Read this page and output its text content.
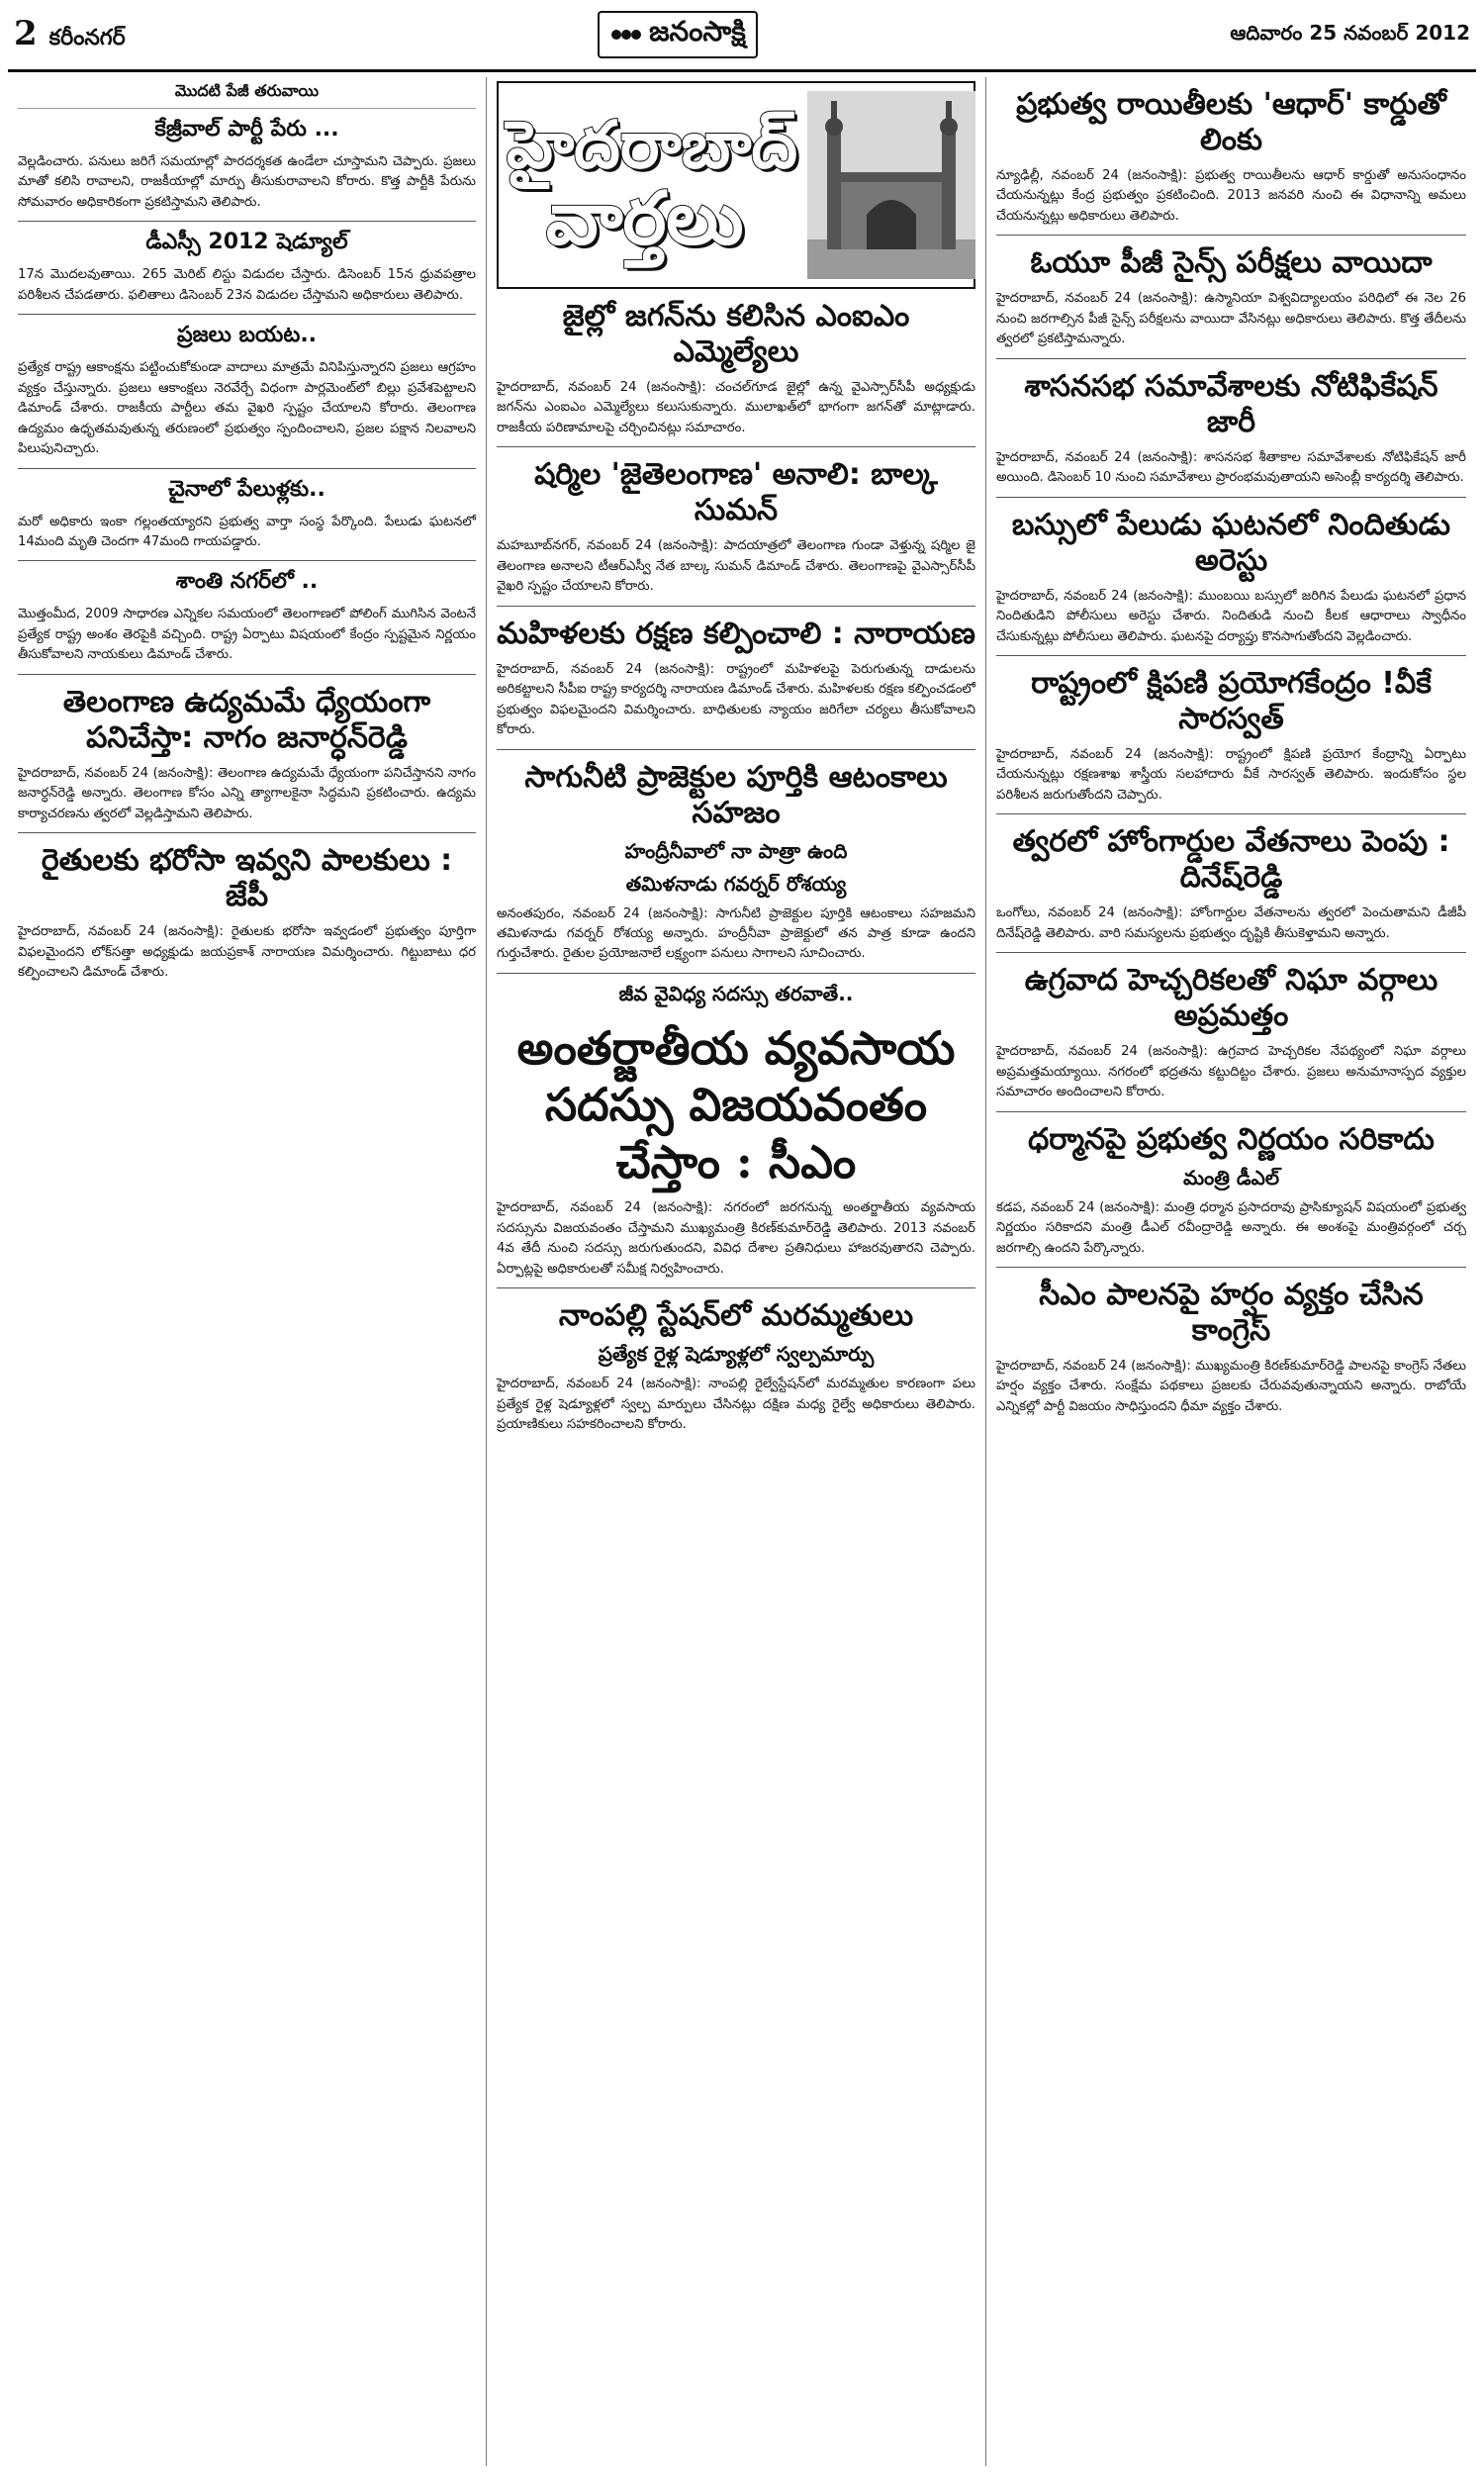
2 కరీంనగర్	జనంసాక్షి	ఆదివారం 25 నవంబర్ 2012
మొదటి పేజీ తరువాయి
కేజ్రీవాల్ పార్టీ పేరు ...

వెల్లడించారు. పనులు జరిగే సమయాల్లో పారదర్శకత ఉండేలా చూస్తామని చెప్పారు. ప్రజలు మాతో కలిసి రావాలని, రాజకీయాల్లో మార్పు తీసుకురావాలని కోరారు. కొత్త పార్టీకి పేరును సోమవారం అధికారికంగా ప్రకటిస్తామని తెలిపారు.

డీఎస్సీ 2012 షెడ్యూల్

17న మొదలవుతాయి. 265 మెరిట్ లిస్టు విడుదల చేస్తారు. డిసెంబర్ 15న ధ్రువపత్రాల పరిశీలన చేపడతారు. ఫలితాలు డిసెంబర్ 23న విడుదల చేస్తామని అధికారులు తెలిపారు.

ప్రజలు బయట..

ప్రత్యేక రాష్ట్ర ఆకాంక్షను పట్టించుకోకుండా వాదాలు మాత్రమే వినిపిస్తున్నారని ప్రజలు ఆగ్రహం వ్యక్తం చేస్తున్నారు. ప్రజలు ఆకాంక్షలు నెరవేర్చే విధంగా పార్లమెంట్‌లో బిల్లు ప్రవేశపెట్టాలని డిమాండ్ చేశారు. రాజకీయ పార్టీలు తమ వైఖరి స్పష్టం చేయాలని కోరారు. తెలంగాణ ఉద్యమం ఉధృతమవుతున్న తరుణంలో ప్రభుత్వం స్పందించాలని, ప్రజల పక్షాన నిలవాలని పిలుపునిచ్చారు.

చైనాలో పేలుళ్లకు..

మరో అధికారు ఇంకా గల్లంతయ్యారని ప్రభుత్వ వార్తా సంస్థ పేర్కొంది. పేలుడు ఘటనలో 14మంది మృతి చెందగా 47మంది గాయపడ్డారు.

శాంతి నగర్‌లో ..

మొత్తంమీద, 2009 సాధారణ ఎన్నికల సమయంలో తెలంగాణలో పోలింగ్ ముగిసిన వెంటనే ప్రత్యేక రాష్ట్ర అంశం తెరపైకి వచ్చింది. రాష్ట్ర ఏర్పాటు విషయంలో కేంద్రం స్పష్టమైన నిర్ణయం తీసుకోవాలని నాయకులు డిమాండ్ చేశారు.

తెలంగాణ ఉద్యమమే ధ్యేయంగా పనిచేస్తా: నాగం జనార్ధన్‌రెడ్డి

హైదరాబాద్, నవంబర్ 24 (జనంసాక్షి): తెలంగాణ ఉద్యమమే ధ్యేయంగా పనిచేస్తానని నాగం జనార్ధన్‌రెడ్డి అన్నారు. తెలంగాణ కోసం ఎన్ని త్యాగాలకైనా సిద్ధమని ప్రకటించారు. ఉద్యమ కార్యాచరణను త్వరలో వెల్లడిస్తామని తెలిపారు.

రైతులకు భరోసా ఇవ్వని పాలకులు : జేపీ

హైదరాబాద్, నవంబర్ 24 (జనంసాక్షి): రైతులకు భరోసా ఇవ్వడంలో ప్రభుత్వం పూర్తిగా విఫలమైందని లోక్‌సత్తా అధ్యక్షుడు జయప్రకాశ్ నారాయణ విమర్శించారు. గిట్టుబాటు ధర కల్పించాలని డిమాండ్ చేశారు.

హైదరాబాద్
వార్తలు
జైల్లో జగన్‌ను కలిసిన ఎంఐఎం ఎమ్మెల్యేలు

హైదరాబాద్, నవంబర్ 24 (జనంసాక్షి): చంచల్‌గూడ జైల్లో ఉన్న వైఎస్సార్‌సీపీ అధ్యక్షుడు జగన్‌ను ఎంఐఎం ఎమ్మెల్యేలు కలుసుకున్నారు. ములాఖత్‌లో భాగంగా జగన్‌తో మాట్లాడారు. రాజకీయ పరిణామాలపై చర్చించినట్లు సమాచారం.

షర్మిల 'జైతెలంగాణ' అనాలి: బాల్క సుమన్

మహబూబ్‌నగర్, నవంబర్ 24 (జనంసాక్షి): పాదయాత్రలో తెలంగాణ గుండా వెళ్తున్న షర్మిల జై తెలంగాణ అనాలని టీఆర్ఎస్వీ నేత బాల్క సుమన్ డిమాండ్ చేశారు. తెలంగాణపై వైఎస్సార్‌సీపీ వైఖరి స్పష్టం చేయాలని కోరారు.

మహిళలకు రక్షణ కల్పించాలి : నారాయణ

హైదరాబాద్, నవంబర్ 24 (జనంసాక్షి): రాష్ట్రంలో మహిళలపై పెరుగుతున్న దాడులను అరికట్టాలని సీపీఐ రాష్ట్ర కార్యదర్శి నారాయణ డిమాండ్ చేశారు. మహిళలకు రక్షణ కల్పించడంలో ప్రభుత్వం విఫలమైందని విమర్శించారు. బాధితులకు న్యాయం జరిగేలా చర్యలు తీసుకోవాలని కోరారు.

సాగునీటి ప్రాజెక్టుల పూర్తికి ఆటంకాలు సహజం
హంద్రీనీవాలో నా పాత్రా ఉంది
తమిళనాడు గవర్నర్ రోశయ్య

అనంతపురం, నవంబర్ 24 (జనంసాక్షి): సాగునీటి ప్రాజెక్టుల పూర్తికి ఆటంకాలు సహజమని తమిళనాడు గవర్నర్ రోశయ్య అన్నారు. హంద్రీనీవా ప్రాజెక్టులో తన పాత్ర కూడా ఉందని గుర్తుచేశారు. రైతుల ప్రయోజనాలే లక్ష్యంగా పనులు సాగాలని సూచించారు.

జీవ వైవిధ్య సదస్సు తరవాతే..
అంతర్జాతీయ వ్యవసాయ సదస్సు విజయవంతం చేస్తాం : సీఎం

హైదరాబాద్, నవంబర్ 24 (జనంసాక్షి): నగరంలో జరగనున్న అంతర్జాతీయ వ్యవసాయ సదస్సును విజయవంతం చేస్తామని ముఖ్యమంత్రి కిరణ్‌కుమార్‌రెడ్డి తెలిపారు. 2013 నవంబర్ 4వ తేదీ నుంచి సదస్సు జరుగుతుందని, వివిధ దేశాల ప్రతినిధులు హాజరవుతారని చెప్పారు. ఏర్పాట్లపై అధికారులతో సమీక్ష నిర్వహించారు.

నాంపల్లి స్టేషన్‌లో మరమ్మతులు
ప్రత్యేక రైళ్ల షెడ్యూళ్లలో స్వల్పమార్పు

హైదరాబాద్, నవంబర్ 24 (జనంసాక్షి): నాంపల్లి రైల్వేస్టేషన్‌లో మరమ్మతుల కారణంగా పలు ప్రత్యేక రైళ్ల షెడ్యూళ్లలో స్వల్ప మార్పులు చేసినట్లు దక్షిణ మధ్య రైల్వే అధికారులు తెలిపారు. ప్రయాణికులు సహకరించాలని కోరారు.

ప్రభుత్వ రాయితీలకు 'ఆధార్' కార్డుతో లింకు

న్యూఢిల్లీ, నవంబర్ 24 (జనంసాక్షి): ప్రభుత్వ రాయితీలను ఆధార్ కార్డుతో అనుసంధానం చేయనున్నట్లు కేంద్ర ప్రభుత్వం ప్రకటించింది. 2013 జనవరి నుంచి ఈ విధానాన్ని అమలు చేయనున్నట్లు అధికారులు తెలిపారు.

ఓయూ పీజీ సైన్స్ పరీక్షలు వాయిదా

హైదరాబాద్, నవంబర్ 24 (జనంసాక్షి): ఉస్మానియా విశ్వవిద్యాలయం పరిధిలో ఈ నెల 26 నుంచి జరగాల్సిన పీజీ సైన్స్ పరీక్షలను వాయిదా వేసినట్లు అధికారులు తెలిపారు. కొత్త తేదీలను త్వరలో ప్రకటిస్తామన్నారు.

శాసనసభ సమావేశాలకు నోటిఫికేషన్ జారీ

హైదరాబాద్, నవంబర్ 24 (జనంసాక్షి): శాసనసభ శీతాకాల సమావేశాలకు నోటిఫికేషన్ జారీ అయింది. డిసెంబర్ 10 నుంచి సమావేశాలు ప్రారంభమవుతాయని అసెంబ్లీ కార్యదర్శి తెలిపారు.

బస్సులో పేలుడు ఘటనలో నిందితుడు అరెస్టు

హైదరాబాద్, నవంబర్ 24 (జనంసాక్షి): ముంబయి బస్సులో జరిగిన పేలుడు ఘటనలో ప్రధాన నిందితుడిని పోలీసులు అరెస్టు చేశారు. నిందితుడి నుంచి కీలక ఆధారాలు స్వాధీనం చేసుకున్నట్లు పోలీసులు తెలిపారు. ఘటనపై దర్యాప్తు కొనసాగుతోందని వెల్లడించారు.

రాష్ట్రంలో క్షిపణి ప్రయోగకేంద్రం !వీకే సారస్వత్

హైదరాబాద్, నవంబర్ 24 (జనంసాక్షి): రాష్ట్రంలో క్షిపణి ప్రయోగ కేంద్రాన్ని ఏర్పాటు చేయనున్నట్లు రక్షణశాఖ శాస్త్రీయ సలహాదారు వీకే సారస్వత్ తెలిపారు. ఇందుకోసం స్థల పరిశీలన జరుగుతోందని చెప్పారు.

త్వరలో హోంగార్డుల వేతనాలు పెంపు : దినేష్‌రెడ్డి

ఒంగోలు, నవంబర్ 24 (జనంసాక్షి): హోంగార్డుల వేతనాలను త్వరలో పెంచుతామని డీజీపీ దినేష్‌రెడ్డి తెలిపారు. వారి సమస్యలను ప్రభుత్వం దృష్టికి తీసుకెళ్తామని అన్నారు.

ఉగ్రవాద హెచ్చరికలతో నిఘా వర్గాలు అప్రమత్తం

హైదరాబాద్, నవంబర్ 24 (జనంసాక్షి): ఉగ్రవాద హెచ్చరికల నేపథ్యంలో నిఘా వర్గాలు అప్రమత్తమయ్యాయి. నగరంలో భద్రతను కట్టుదిట్టం చేశారు. ప్రజలు అనుమానాస్పద వ్యక్తుల సమాచారం అందించాలని కోరారు.

ధర్మానపై ప్రభుత్వ నిర్ణయం సరికాదు
మంత్రి డీఎల్

కడప, నవంబర్ 24 (జనంసాక్షి): మంత్రి ధర్మాన ప్రసాదరావు ప్రాసిక్యూషన్ విషయంలో ప్రభుత్వ నిర్ణయం సరికాదని మంత్రి డీఎల్ రవీంద్రారెడ్డి అన్నారు. ఈ అంశంపై మంత్రివర్గంలో చర్చ జరగాల్సి ఉందని పేర్కొన్నారు.

సీఎం పాలనపై హర్షం వ్యక్తం చేసిన కాంగ్రెస్

హైదరాబాద్, నవంబర్ 24 (జనంసాక్షి): ముఖ్యమంత్రి కిరణ్‌కుమార్‌రెడ్డి పాలనపై కాంగ్రెస్ నేతలు హర్షం వ్యక్తం చేశారు. సంక్షేమ పథకాలు ప్రజలకు చేరువవుతున్నాయని అన్నారు. రాబోయే ఎన్నికల్లో పార్టీ విజయం సాధిస్తుందని ధీమా వ్యక్తం చేశారు.
